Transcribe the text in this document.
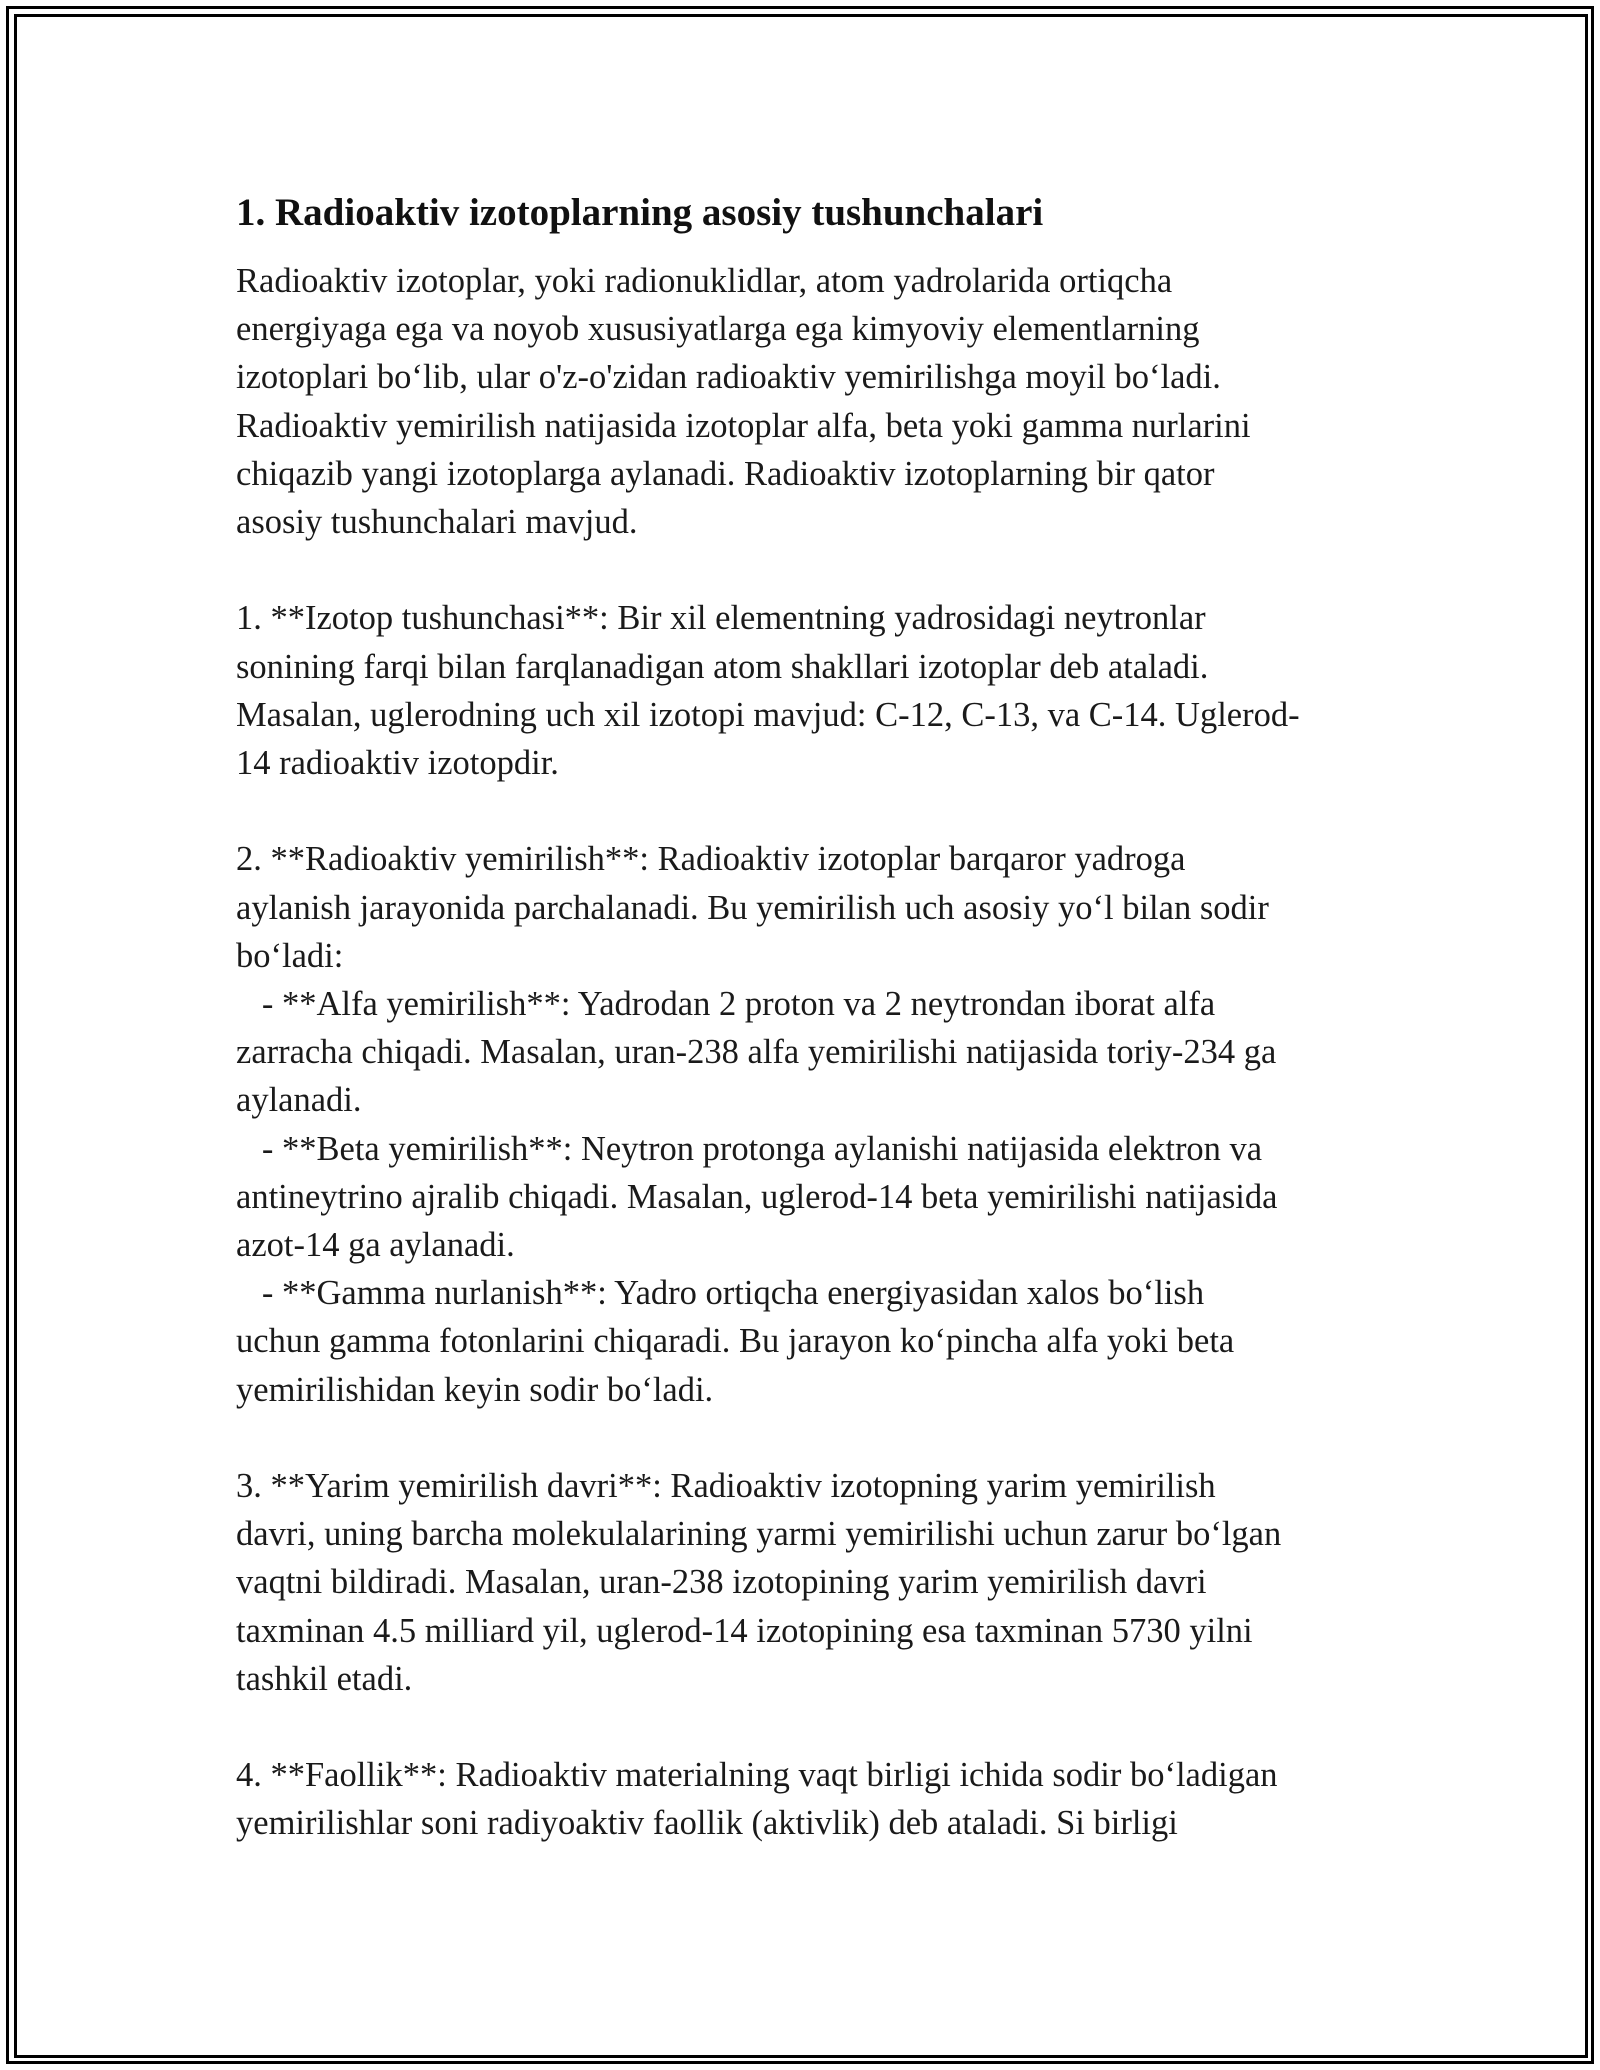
1. Radioaktiv izotoplarning asosiy tushunchalari

Radioaktiv izotoplar, yoki radionuklidlar, atom yadrolarida ortiqcha
energiyaga ega va noyob xususiyatlarga ega kimyoviy elementlarning
izotoplari bo‘lib, ular o'z-o'zidan radioaktiv yemirilishga moyil bo‘ladi.
Radioaktiv yemirilish natijasida izotoplar alfa, beta yoki gamma nurlarini
chiqazib yangi izotoplarga aylanadi. Radioaktiv izotoplarning bir qator
asosiy tushunchalari mavjud.

1. **Izotop tushunchasi**: Bir xil elementning yadrosidagi neytronlar
sonining farqi bilan farqlanadigan atom shakllari izotoplar deb ataladi.
Masalan, uglerodning uch xil izotopi mavjud: C-12, C-13, va C-14. Uglerod-
14 radioaktiv izotopdir.

2. **Radioaktiv yemirilish**: Radioaktiv izotoplar barqaror yadroga
aylanish jarayonida parchalanadi. Bu yemirilish uch asosiy yo‘l bilan sodir
bo‘ladi:
- **Alfa yemirilish**: Yadrodan 2 proton va 2 neytrondan iborat alfa
zarracha chiqadi. Masalan, uran-238 alfa yemirilishi natijasida toriy-234 ga
aylanadi.
- **Beta yemirilish**: Neytron protonga aylanishi natijasida elektron va
antineytrino ajralib chiqadi. Masalan, uglerod-14 beta yemirilishi natijasida
azot-14 ga aylanadi.
- **Gamma nurlanish**: Yadro ortiqcha energiyasidan xalos bo‘lish
uchun gamma fotonlarini chiqaradi. Bu jarayon ko‘pincha alfa yoki beta
yemirilishidan keyin sodir bo‘ladi.

3. **Yarim yemirilish davri**: Radioaktiv izotopning yarim yemirilish
davri, uning barcha molekulalarining yarmi yemirilishi uchun zarur bo‘lgan
vaqtni bildiradi. Masalan, uran-238 izotopining yarim yemirilish davri
taxminan 4.5 milliard yil, uglerod-14 izotopining esa taxminan 5730 yilni
tashkil etadi.

4. **Faollik**: Radioaktiv materialning vaqt birligi ichida sodir bo‘ladigan
yemirilishlar soni radiyoaktiv faollik (aktivlik) deb ataladi. Si birligi
